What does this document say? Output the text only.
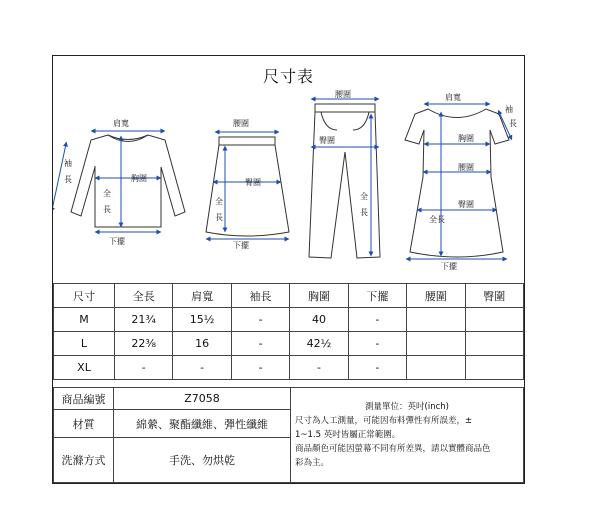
尺寸表
肩寬
袖長	胸圍
全長
下擺
腰圍
臀圍
全長
下擺
腰圍
臀圍
全長
肩寬
袖長
胸圍
腰圍
臀圍
全長
下擺
尺寸	全長	肩寬	袖長	胸圍	下擺	腰圍	臀圍
M	21¾	15½	-	40	-		
L	22⅜	16	-	42½	-		
XL	-	-	-	-	-		
商品編號	Z7058	測量單位：英吋(inch)
尺寸為人工測量，可能因布料彈性有所誤差，±
1~1.5 英吋皆屬正常範圍。
商品顏色可能因螢幕不同有所差異，請以實體商品色
彩為主。

材質	綿縈、聚酯纖維、彈性纖維	
洗滌方式	手洗、勿烘乾	
